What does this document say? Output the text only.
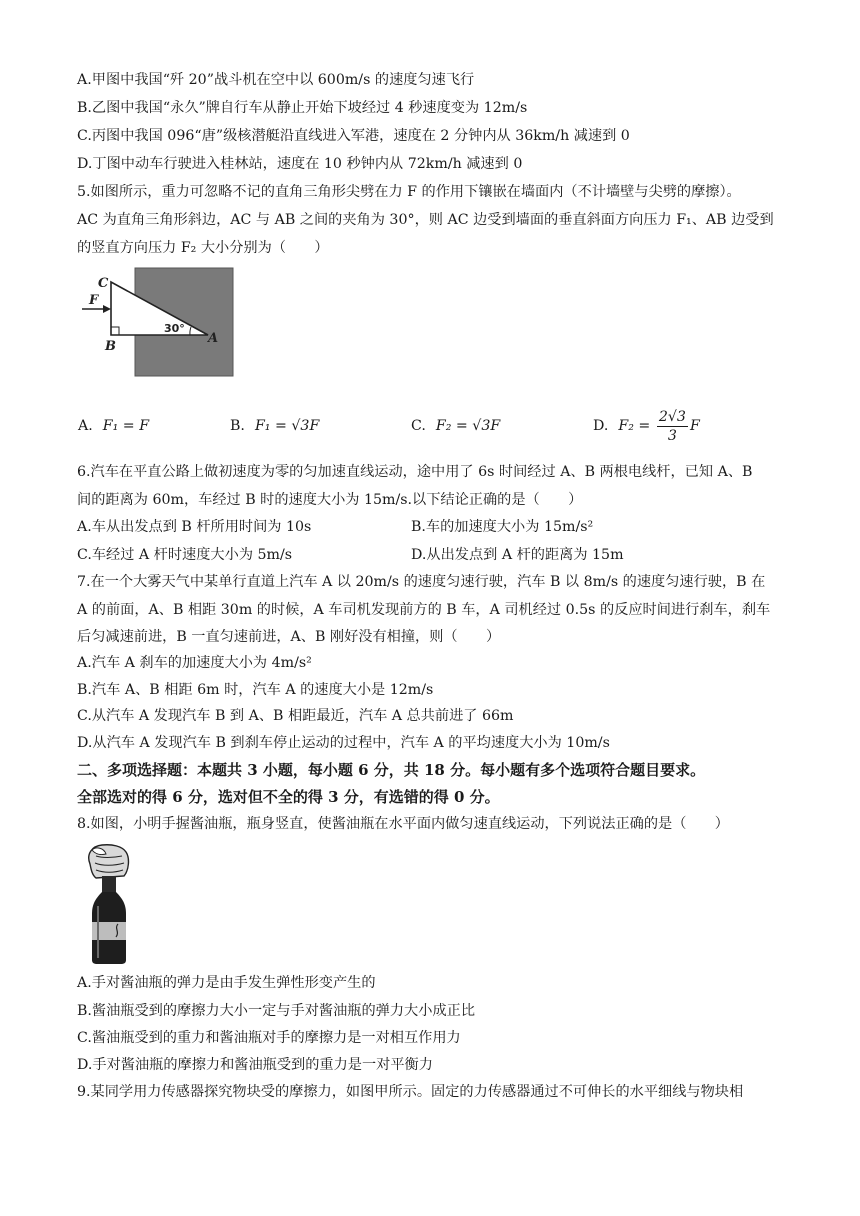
A.甲图中我国“歼 20”战斗机在空中以 600m/s 的速度匀速飞行
B.乙图中我国“永久”牌自行车从静止开始下坡经过 4 秒速度变为 12m/s
C.丙图中我国 096“唐”级核潜艇沿直线进入军港，速度在 2 分钟内从 36km/h 减速到 0
D.丁图中动车行驶进入桂林站，速度在 10 秒钟内从 72km/h 减速到 0
5.如图所示，重力可忽略不记的直角三角形尖劈在力 F 的作用下镶嵌在墙面内（不计墙壁与尖劈的摩擦）。
AC 为直角三角形斜边，AC 与 AB 之间的夹角为 30°，则 AC 边受到墙面的垂直斜面方向压力 F₁、AB 边受到
的竖直方向压力 F₂ 大小分别为（　　）
C
F
B
A
30°
A. F₁ = F	B. F₁ = √3F	C. F₂ = √3F	D. $F_2 = \frac{2√3}{3}$ F
6.汽车在平直公路上做初速度为零的匀加速直线运动，途中用了 6s 时间经过 A、B 两根电线杆，已知 A、B
间的距离为 60m，车经过 B 时的速度大小为 15m/s.以下结论正确的是（　　）
A.车从出发点到 B 杆所用时间为 10s	B.车的加速度大小为 15m/s²
C.车经过 A 杆时速度大小为 5m/s	D.从出发点到 A 杆的距离为 15m
7.在一个大雾天气中某单行直道上汽车 A 以 20m/s 的速度匀速行驶，汽车 B 以 8m/s 的速度匀速行驶，B 在
A 的前面，A、B 相距 30m 的时候，A 车司机发现前方的 B 车，A 司机经过 0.5s 的反应时间进行刹车，刹车
后匀减速前进，B 一直匀速前进，A、B 刚好没有相撞，则（　　）
A.汽车 A 刹车的加速度大小为 4m/s²
B.汽车 A、B 相距 6m 时，汽车 A 的速度大小是 12m/s
C.从汽车 A 发现汽车 B 到 A、B 相距最近，汽车 A 总共前进了 66m
D.从汽车 A 发现汽车 B 到刹车停止运动的过程中，汽车 A 的平均速度大小为 10m/s
二、多项选择题：本题共 3 小题，每小题 6 分，共 18 分。每小题有多个选项符合题目要求。
全部选对的得 6 分，选对但不全的得 3 分，有选错的得 0 分。
8.如图，小明手握酱油瓶，瓶身竖直，使酱油瓶在水平面内做匀速直线运动，下列说法正确的是（　　）
A.手对酱油瓶的弹力是由手发生弹性形变产生的
B.酱油瓶受到的摩擦力大小一定与手对酱油瓶的弹力大小成正比
C.酱油瓶受到的重力和酱油瓶对手的摩擦力是一对相互作用力
D.手对酱油瓶的摩擦力和酱油瓶受到的重力是一对平衡力
9.某同学用力传感器探究物块受的摩擦力，如图甲所示。固定的力传感器通过不可伸长的水平细线与物块相
